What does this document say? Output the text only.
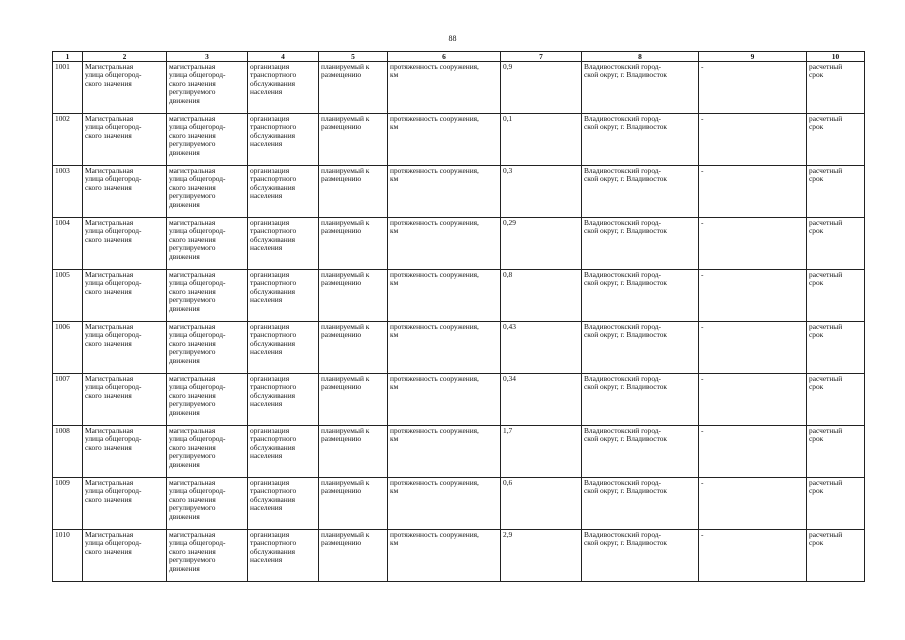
88
1	2	3	4	5	6	7	8	9	10
1001	Магистральная
улица общегород-
ского значения	магистральная
улица общегород-
ского значения
регулируемого
движения	организация
транспортного
обслуживания
населения	планируемый к
размещению	протяженность сооружения,
км	0,9	Владивостокский город-
ской округ, г. Владивосток	-	расчетный
срок
1002	Магистральная
улица общегород-
ского значения	магистральная
улица общегород-
ского значения
регулируемого
движения	организация
транспортного
обслуживания
населения	планируемый к
размещению	протяженность сооружения,
км	0,1	Владивостокский город-
ской округ, г. Владивосток	-	расчетный
срок
1003	Магистральная
улица общегород-
ского значения	магистральная
улица общегород-
ского значения
регулируемого
движения	организация
транспортного
обслуживания
населения	планируемый к
размещению	протяженность сооружения,
км	0,3	Владивостокский город-
ской округ, г. Владивосток	-	расчетный
срок
1004	Магистральная
улица общегород-
ского значения	магистральная
улица общегород-
ского значения
регулируемого
движения	организация
транспортного
обслуживания
населения	планируемый к
размещению	протяженность сооружения,
км	0,29	Владивостокский город-
ской округ, г. Владивосток	-	расчетный
срок
1005	Магистральная
улица общегород-
ского значения	магистральная
улица общегород-
ского значения
регулируемого
движения	организация
транспортного
обслуживания
населения	планируемый к
размещению	протяженность сооружения,
км	0,8	Владивостокский город-
ской округ, г. Владивосток	-	расчетный
срок
1006	Магистральная
улица общегород-
ского значения	магистральная
улица общегород-
ского значения
регулируемого
движения	организация
транспортного
обслуживания
населения	планируемый к
размещению	протяженность сооружения,
км	0,43	Владивостокский город-
ской округ, г. Владивосток	-	расчетный
срок
1007	Магистральная
улица общегород-
ского значения	магистральная
улица общегород-
ского значения
регулируемого
движения	организация
транспортного
обслуживания
населения	планируемый к
размещению	протяженность сооружения,
км	0,34	Владивостокский город-
ской округ, г. Владивосток	-	расчетный
срок
1008	Магистральная
улица общегород-
ского значения	магистральная
улица общегород-
ского значения
регулируемого
движения	организация
транспортного
обслуживания
населения	планируемый к
размещению	протяженность сооружения,
км	1,7	Владивостокский город-
ской округ, г. Владивосток	-	расчетный
срок
1009	Магистральная
улица общегород-
ского значения	магистральная
улица общегород-
ского значения
регулируемого
движения	организация
транспортного
обслуживания
населения	планируемый к
размещению	протяженность сооружения,
км	0,6	Владивостокский город-
ской округ, г. Владивосток	-	расчетный
срок
1010	Магистральная
улица общегород-
ского значения	магистральная
улица общегород-
ского значения
регулируемого
движения	организация
транспортного
обслуживания
населения	планируемый к
размещению	протяженность сооружения,
км	2,9	Владивостокский город-
ской округ, г. Владивосток	-	расчетный
срок
